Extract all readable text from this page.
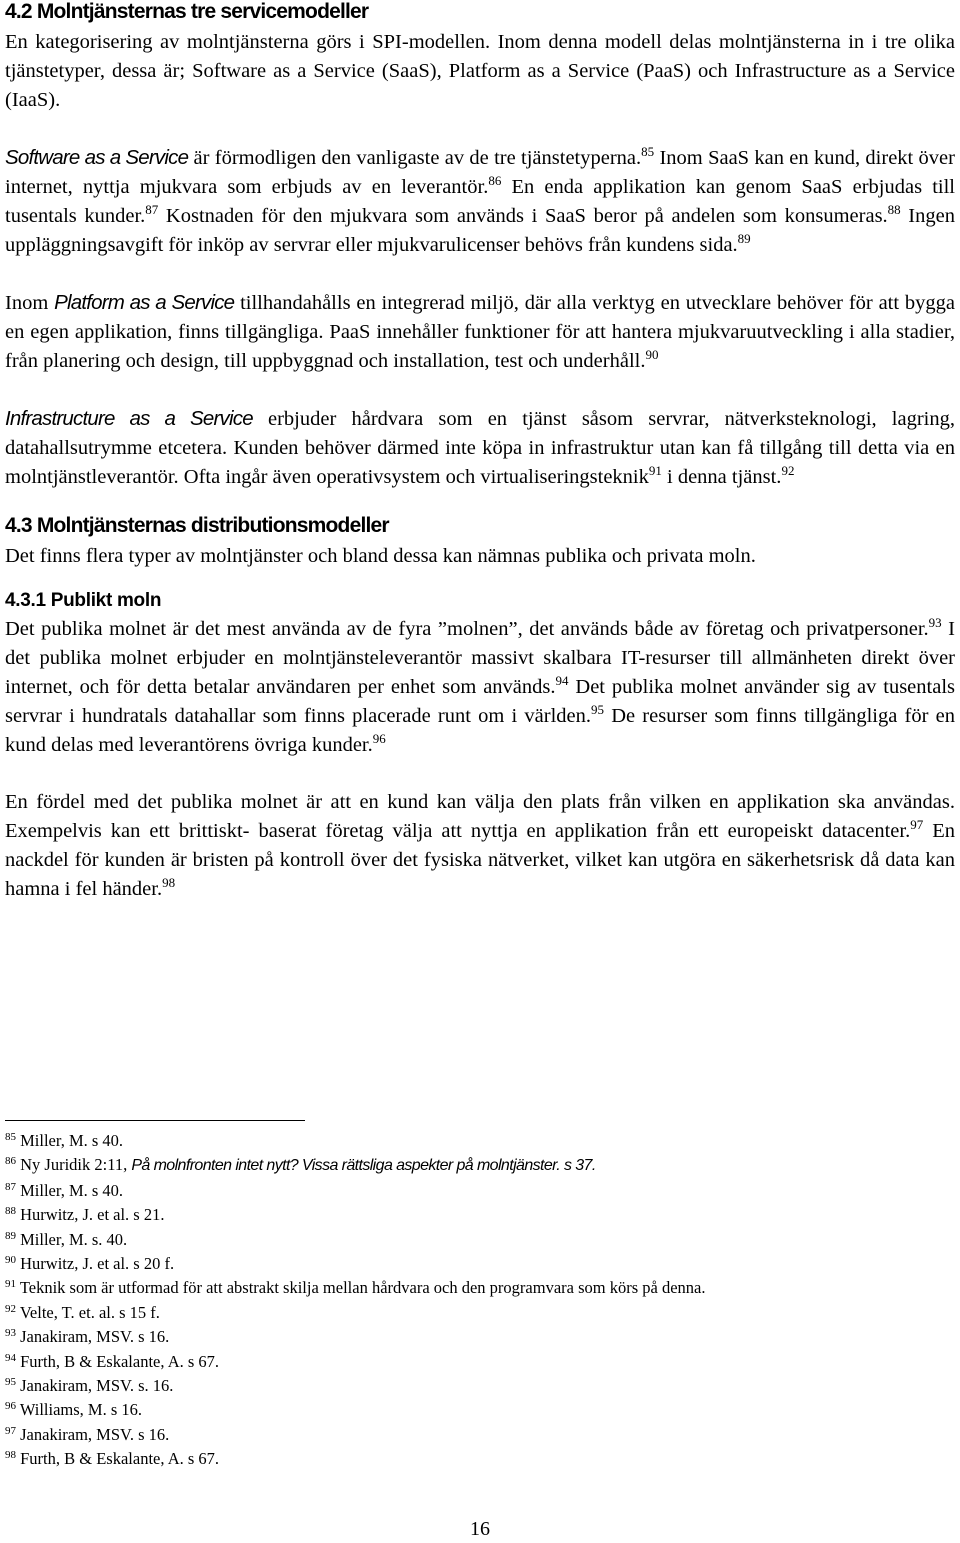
4.2 Molntjänsternas tre servicemodeller

En kategorisering av molntjänsterna görs i SPI-modellen. Inom denna modell delas molntjänsterna in i tre olika tjänstetyper, dessa är; Software as a Service (SaaS), Platform as a Service (PaaS) och Infrastructure as a Service (IaaS).

Software as a Service är förmodligen den vanligaste av de tre tjänstetyperna.$^{85}$ Inom SaaS kan en kund, direkt över internet, nyttja mjukvara som erbjuds av en leverantör.$^{86}$ En enda applikation kan genom SaaS erbjudas till tusentals kunder.$^{87}$ Kostnaden för den mjukvara som används i SaaS beror på andelen som konsumeras.$^{88}$ Ingen uppläggningsavgift för inköp av servrar eller mjukvarulicenser behövs från kundens sida.$^{89}$

Inom Platform as a Service tillhandahålls en integrerad miljö, där alla verktyg en utvecklare behöver för att bygga en egen applikation, finns tillgängliga. PaaS innehåller funktioner för att hantera mjukvaruutveckling i alla stadier, från planering och design, till uppbyggnad och installation, test och underhåll.$^{90}$

Infrastructure as a Service erbjuder hårdvara som en tjänst såsom servrar, nätverksteknologi, lagring, datahallsutrymme etcetera. Kunden behöver därmed inte köpa in infrastruktur utan kan få tillgång till detta via en molntjänstleverantör. Ofta ingår även operativsystem och virtualiseringsteknik$^{91}$ i denna tjänst.$^{92}$

4.3 Molntjänsternas distributionsmodeller

Det finns flera typer av molntjänster och bland dessa kan nämnas publika och privata moln.

4.3.1 Publikt moln

Det publika molnet är det mest använda av de fyra ”molnen”, det används både av företag och privatpersoner.$^{93}$ I det publika molnet erbjuder en molntjänsteleverantör massivt skalbara IT-resurser till allmänheten direkt över internet, och för detta betalar användaren per enhet som används.$^{94}$ Det publika molnet använder sig av tusentals servrar i hundratals datahallar som finns placerade runt om i världen.$^{95}$ De resurser som finns tillgängliga för en kund delas med leverantörens övriga kunder.$^{96}$

En fördel med det publika molnet är att en kund kan välja den plats från vilken en applikation ska användas. Exempelvis kan ett brittiskt- baserat företag välja att nyttja en applikation från ett europeiskt datacenter.$^{97}$ En nackdel för kunden är bristen på kontroll över det fysiska nätverket, vilket kan utgöra en säkerhetsrisk då data kan hamna i fel händer.$^{98}$

$^{85}$ Miller, M. s 40.
$^{86}$ Ny Juridik 2:11, På molnfronten intet nytt? Vissa rättsliga aspekter på molntjänster. s 37.
$^{87}$ Miller, M. s 40.
$^{88}$ Hurwitz, J. et al. s 21.
$^{89}$ Miller, M. s. 40.
$^{90}$ Hurwitz, J. et al. s 20 f.
$^{91}$ Teknik som är utformad för att abstrakt skilja mellan hårdvara och den programvara som körs på denna.
$^{92}$ Velte, T. et. al. s 15 f.
$^{93}$ Janakiram, MSV. s 16.
$^{94}$ Furth, B & Eskalante, A. s 67.
$^{95}$ Janakiram, MSV. s. 16.
$^{96}$ Williams, M. s 16.
$^{97}$ Janakiram, MSV. s 16.
$^{98}$ Furth, B & Eskalante, A. s 67.
16
